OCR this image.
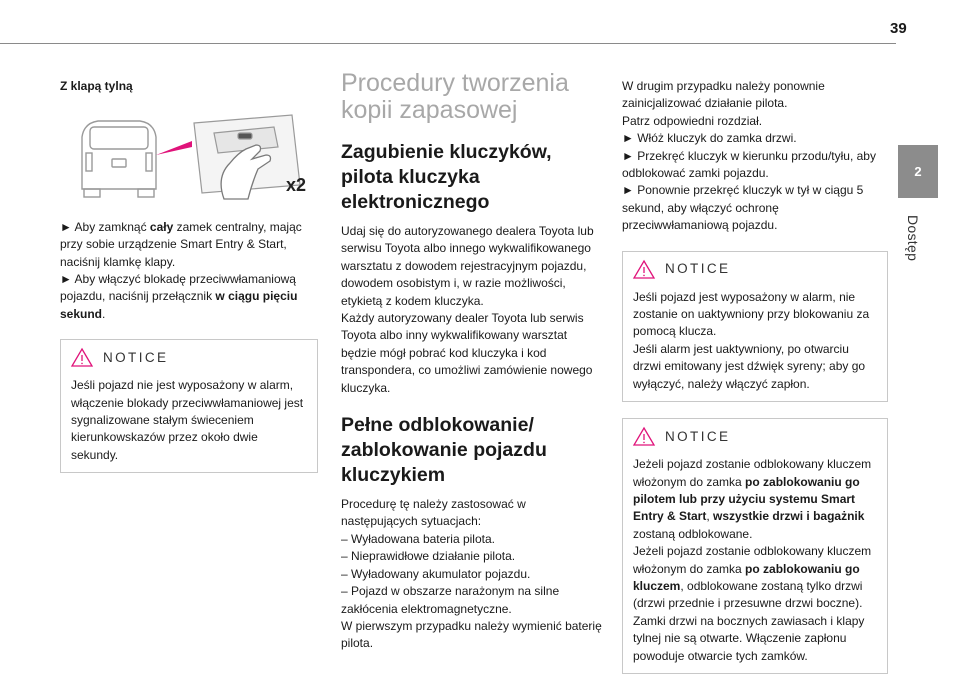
39
2
Dostęp
Z klapą tylną
x2
► Aby zamknąć cały zamek centralny, mając przy sobie urządzenie Smart Entry & Start, naciśnij klamkę klapy.
► Aby włączyć blokadę przeciwwłamaniową pojazdu, naciśnij przełącznik w ciągu pięciu sekund.
NOTICE
Jeśli pojazd nie jest wyposażony w alarm, włączenie blokady przeciwwłamaniowej jest sygnalizowane stałym świeceniem kierunkowskazów przez około dwie sekundy.
Procedury tworzenia kopii zapasowej
Zagubienie kluczyków, pilota kluczyka elektronicznego
Udaj się do autoryzowanego dealera Toyota lub serwisu Toyota albo innego wykwalifikowanego warsztatu z dowodem rejestracyjnym pojazdu, dowodem osobistym i, w razie możliwości, etykietą z kodem kluczyka.
Każdy autoryzowany dealer Toyota lub serwis Toyota albo inny wykwalifikowany warsztat będzie mógł pobrać kod kluczyka i kod transpondera, co umożliwi zamówienie nowego kluczyka.
Pełne odblokowanie/ zablokowanie pojazdu kluczykiem
Procedurę tę należy zastosować w następujących sytuacjach:
– Wyładowana bateria pilota.
– Nieprawidłowe działanie pilota.
– Wyładowany akumulator pojazdu.
– Pojazd w obszarze narażonym na silne zakłócenia elektromagnetyczne.
W pierwszym przypadku należy wymienić baterię pilota.
W drugim przypadku należy ponownie zainicjalizować działanie pilota.
Patrz odpowiedni rozdział.
► Włóż kluczyk do zamka drzwi.
► Przekręć kluczyk w kierunku przodu/tyłu, aby odblokować zamki pojazdu.
► Ponownie przekręć kluczyk w tył w ciągu 5 sekund, aby włączyć ochronę przeciwwłamaniową pojazdu.
NOTICE
Jeśli pojazd jest wyposażony w alarm, nie zostanie on uaktywniony przy blokowaniu za pomocą klucza.
Jeśli alarm jest uaktywniony, po otwarciu drzwi emitowany jest dźwięk syreny; aby go wyłączyć, należy włączyć zapłon.
NOTICE
Jeżeli pojazd zostanie odblokowany kluczem włożonym do zamka po zablokowaniu go pilotem lub przy użyciu systemu Smart Entry & Start, wszystkie drzwi i bagażnik zostaną odblokowane.
Jeżeli pojazd zostanie odblokowany kluczem włożonym do zamka po zablokowaniu go kluczem, odblokowane zostaną tylko drzwi (drzwi przednie i przesuwne drzwi boczne). Zamki drzwi na bocznych zawiasach i klapy tylnej nie są otwarte. Włączenie zapłonu powoduje otwarcie tych zamków.
